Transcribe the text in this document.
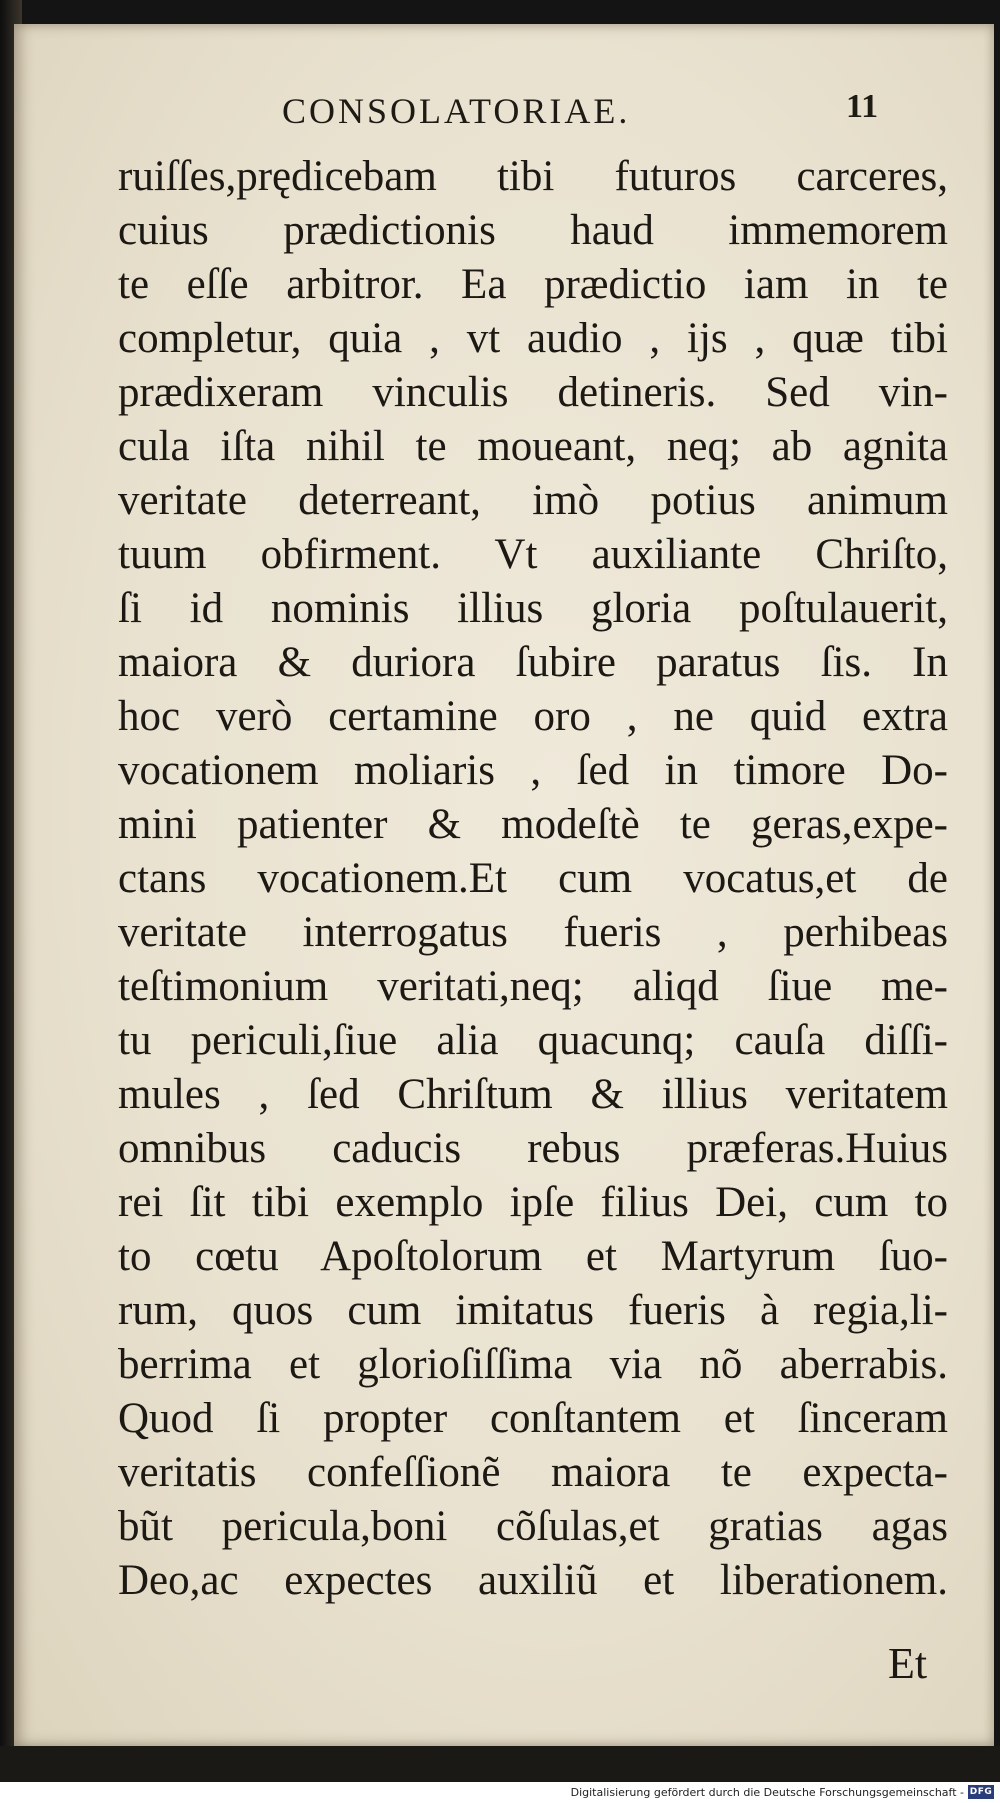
CONSOLATORIAE.	11
ruiſſes,prędicebam tibi futuros carceres,
cuius prædictionis haud immemorem
te eſſe arbitror. Ea prædictio iam in te
completur, quia , vt audio , ijs , quæ tibi
prædixeram vinculis detineris. Sed vin-
cula iſta nihil te moueant, neq; ab agnita
veritate deterreant, imò potius animum
tuum obfirment. Vt auxiliante Chriſto,
ſi id nominis illius gloria poſtulauerit,
maiora & duriora ſubire paratus ſis. In
hoc verò certamine oro , ne quid extra
vocationem moliaris , ſed in timore Do-
mini patienter & modeſtè te geras,expe-
ctans vocationem.Et cum vocatus,et de
veritate interrogatus fueris , perhibeas
teſtimonium veritati,neq; aliqd ſiue me-
tu periculi,ſiue alia quacunq; cauſa diſſi-
mules , ſed Chriſtum & illius veritatem
omnibus caducis rebus præferas.Huius
rei ſit tibi exemplo ipſe filius Dei, cum to
to cœtu Apoſtolorum et Martyrum ſuo-
rum, quos cum imitatus fueris à regia,li-
berrima et glorioſiſſima via nõ aberrabis.
Quod ſi propter conſtantem et ſinceram
veritatis confeſſionẽ maiora te expecta-
bũt pericula,boni cõſulas,et gratias agas
Deo,ac expectes auxiliũ et liberationem.
Et
Digitalisierung gefördert durch die Deutsche Forschungsgemeinschaft - DFG
